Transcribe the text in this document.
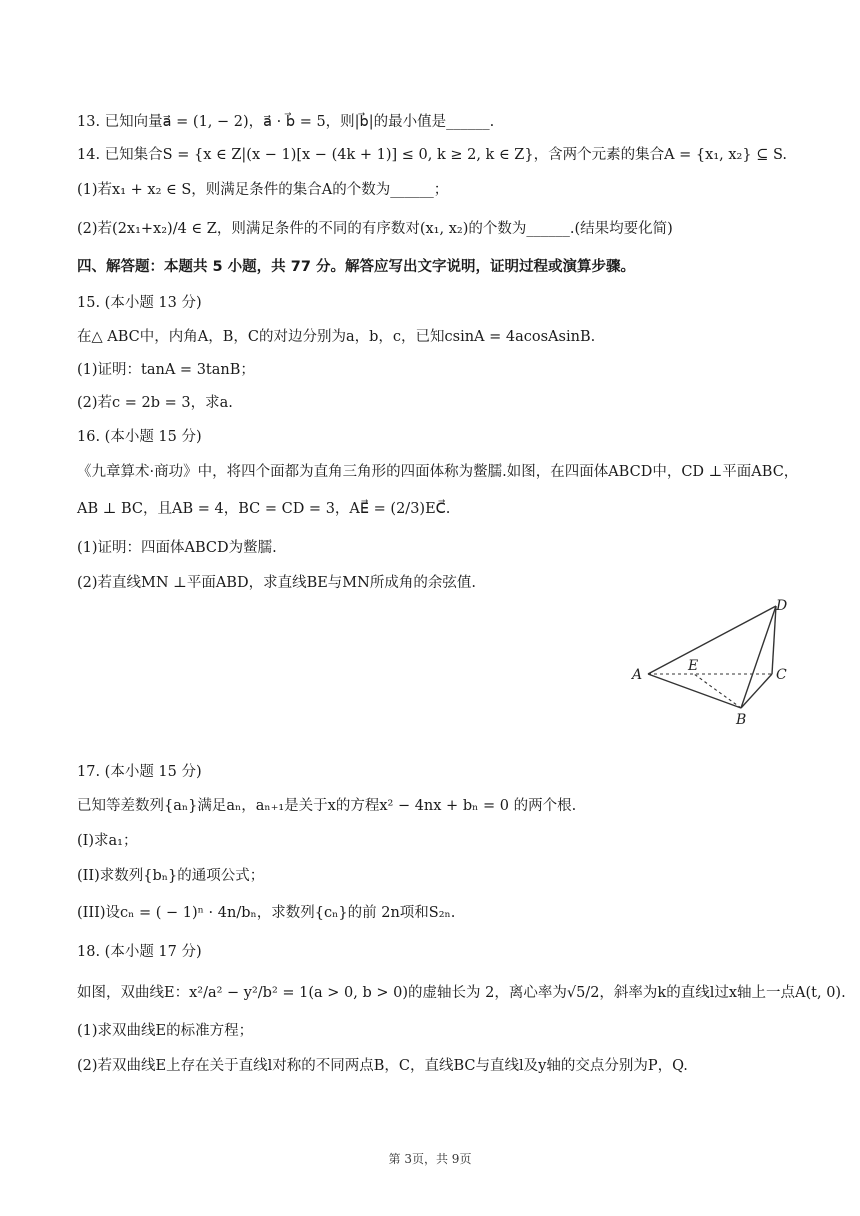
13. 已知向量a⃗ = (1, − 2)，a⃗ · b⃗ = 5，则|b⃗|的最小值是______.
14. 已知集合S = {x ∈ Z|(x − 1)[x − (4k + 1)] ≤ 0, k ≥ 2, k ∈ Z}，含两个元素的集合A = {x₁, x₂} ⊆ S.
(1)若x₁ + x₂ ∈ S，则满足条件的集合A的个数为______；
(2)若(2x₁+x₂)/4 ∈ Z，则满足条件的不同的有序数对(x₁, x₂)的个数为______.(结果均要化简)
四、解答题：本题共 5 小题，共 77 分。解答应写出文字说明，证明过程或演算步骤。
15. (本小题 13 分)
在△ ABC中，内角A，B，C的对边分别为a，b，c，已知csinA = 4acosAsinB.
(1)证明：tanA = 3tanB；
(2)若c = 2b = 3，求a.
16. (本小题 15 分)
《九章算术·商功》中，将四个面都为直角三角形的四面体称为鳖臑.如图，在四面体ABCD中，CD ⊥平面ABC，
AB ⊥ BC，且AB = 4，BC = CD = 3，AE⃗ = (2/3)EC⃗.
(1)证明：四面体ABCD为鳖臑.
(2)若直线MN ⊥平面ABD，求直线BE与MN所成角的余弦值.
A
B
C
D
E
17. (本小题 15 分)
已知等差数列{aₙ}满足aₙ，aₙ₊₁是关于x的方程x² − 4nx + bₙ = 0 的两个根.
(I)求a₁；
(II)求数列{bₙ}的通项公式；
(III)设cₙ = ( − 1)ⁿ · 4n/bₙ，求数列{cₙ}的前 2n项和S₂ₙ.
18. (本小题 17 分)
如图，双曲线E：x²/a² − y²/b² = 1(a > 0, b > 0)的虚轴长为 2，离心率为√5/2，斜率为k的直线l过x轴上一点A(t, 0).
(1)求双曲线E的标准方程；
(2)若双曲线E上存在关于直线l对称的不同两点B，C，直线BC与直线l及y轴的交点分别为P，Q.
第 3页，共 9页
